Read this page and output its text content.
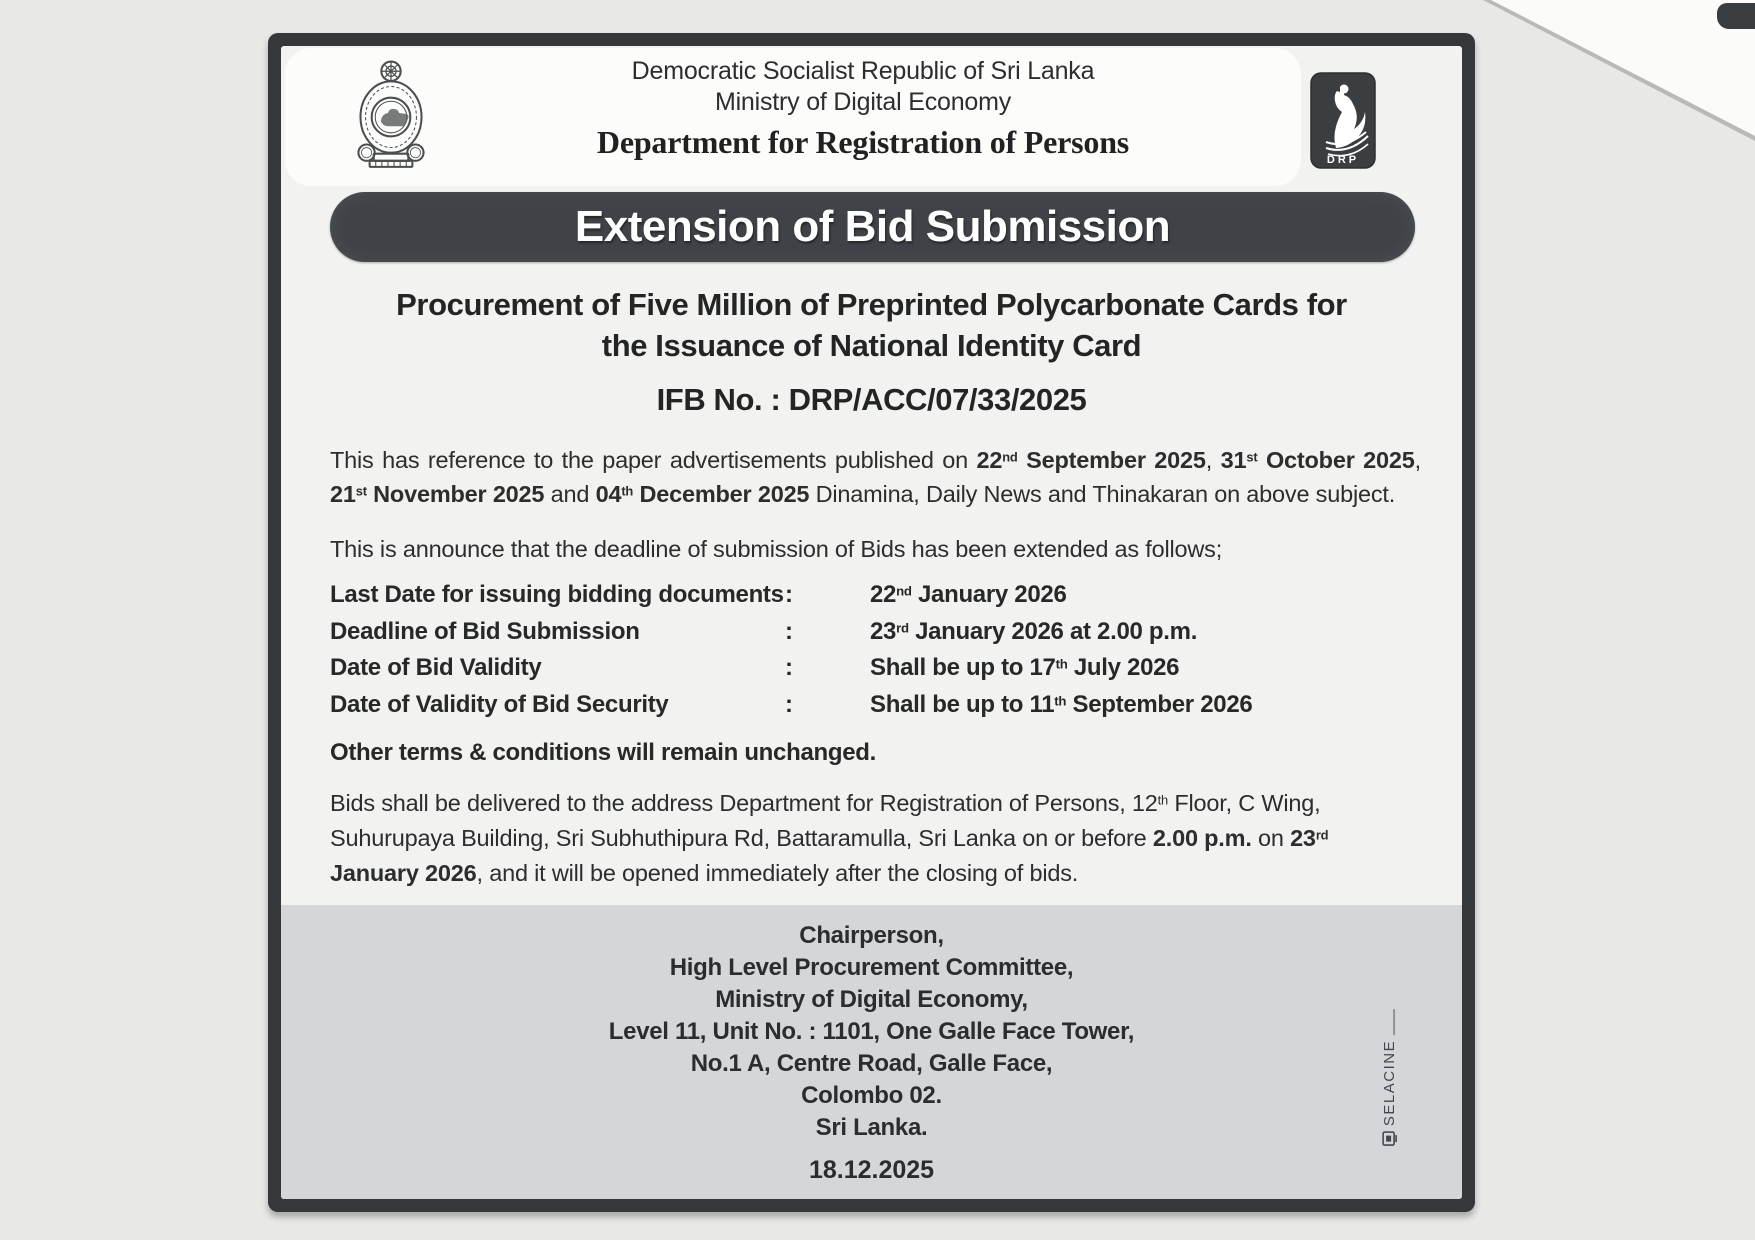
Democratic Socialist Republic of Sri Lanka
Ministry of Digital Economy
Department for Registration of Persons	DRP
Extension of Bid Submission
Procurement of Five Million of Preprinted Polycarbonate Cards for
the Issuance of National Identity Card
IFB No. : DRP/ACC/07/33/2025

This has reference to the paper advertisements published on 22nd September 2025, 31st October 2025, 21st November 2025 and 04th December 2025 Dinamina, Daily News and Thinakaran on above subject.

This is announce that the deadline of submission of Bids has been extended as follows;

Last Date for issuing bidding documents :	22nd January 2026
Deadline of Bid Submission	:	23rd January 2026 at 2.00 p.m.
Date of Bid Validity	:	Shall be up to 17th July 2026
Date of Validity of Bid Security	:	Shall be up to 11th September 2026

Other terms & conditions will remain unchanged.

Bids shall be delivered to the address Department for Registration of Persons, 12th Floor, C Wing, Suhurupaya Building, Sri Subhuthipura Rd, Battaramulla, Sri Lanka on or before 2.00 p.m. on 23rd January 2026, and it will be opened immediately after the closing of bids.

Chairperson,
High Level Procurement Committee,
Ministry of Digital Economy,
Level 11, Unit No. : 1101, One Galle Face Tower,
No.1 A, Centre Road, Galle Face,
Colombo 02.
Sri Lanka.
18.12.2025
SELACINE
